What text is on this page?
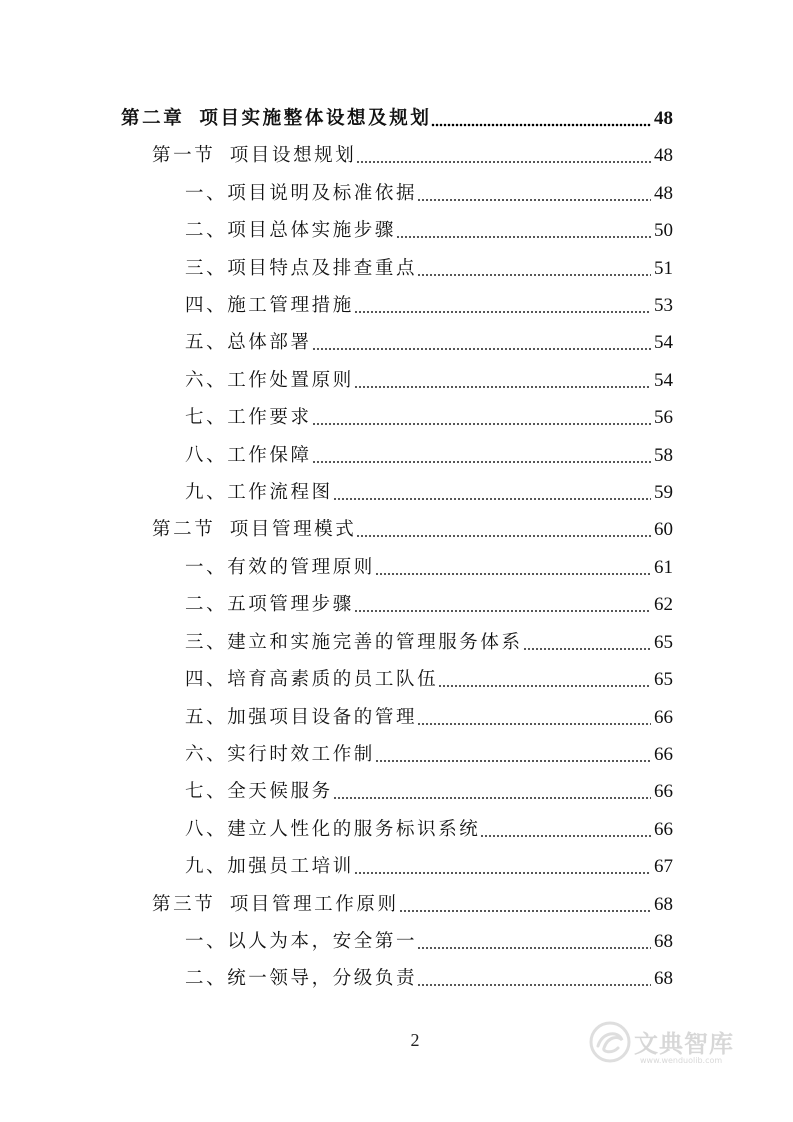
第二章 项目实施整体设想及规划	48
第一节 项目设想规划	48
一、项目说明及标准依据	48
二、项目总体实施步骤	50
三、项目特点及排查重点	51
四、施工管理措施	53
五、总体部署	54
六、工作处置原则	54
七、工作要求	56
八、工作保障	58
九、工作流程图	59
第二节 项目管理模式	60
一、有效的管理原则	61
二、五项管理步骤	62
三、建立和实施完善的管理服务体系	65
四、培育高素质的员工队伍	65
五、加强项目设备的管理	66
六、实行时效工作制	66
七、全天候服务	66
八、建立人性化的服务标识系统	66
九、加强员工培训	67
第三节 项目管理工作原则	68
一、以人为本，安全第一	68
二、统一领导，分级负责	68
2	文典智库
www.wenduolib.com
